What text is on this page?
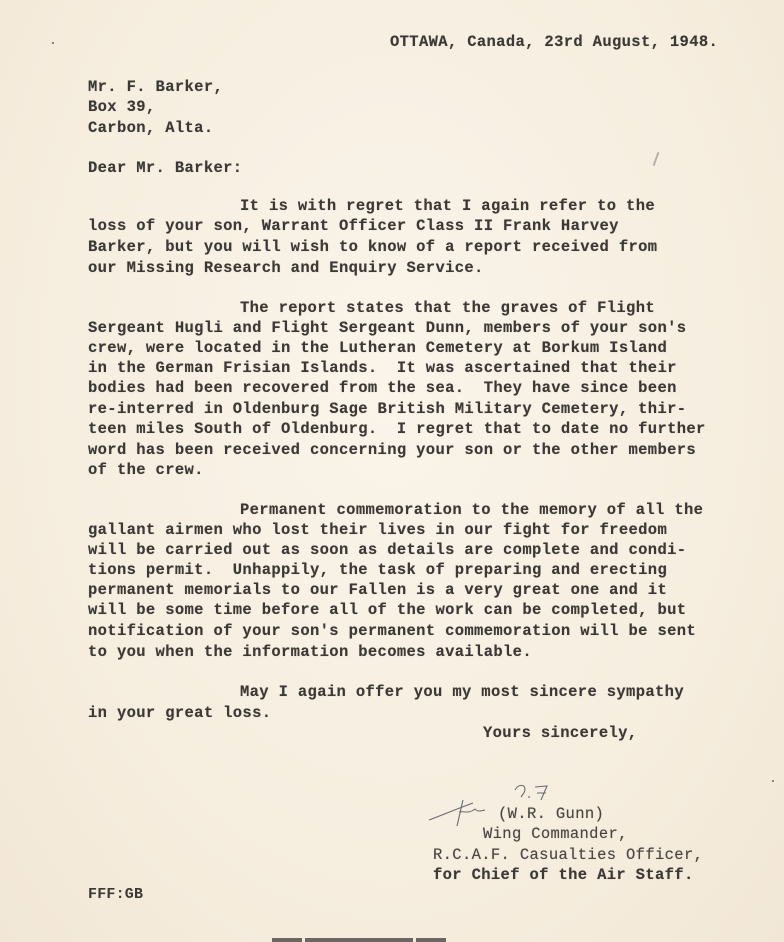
OTTAWA, Canada, 23rd August, 1948.
Mr. F. Barker,
Box 39,
Carbon, Alta.
Dear Mr. Barker:
It is with regret that I again refer to the
loss of your son, Warrant Officer Class II Frank Harvey
Barker, but you will wish to know of a report received from
our Missing Research and Enquiry Service.
The report states that the graves of Flight
Sergeant Hugli and Flight Sergeant Dunn, members of your son's
crew, were located in the Lutheran Cemetery at Borkum Island
in the German Frisian Islands.  It was ascertained that their
bodies had been recovered from the sea.  They have since been
re-interred in Oldenburg Sage British Military Cemetery, thir-
teen miles South of Oldenburg.  I regret that to date no further
word has been received concerning your son or the other members
of the crew.
Permanent commemoration to the memory of all the
gallant airmen who lost their lives in our fight for freedom
will be carried out as soon as details are complete and condi-
tions permit.  Unhappily, the task of preparing and erecting
permanent memorials to our Fallen is a very great one and it
will be some time before all of the work can be completed, but
notification of your son's permanent commemoration will be sent
to you when the information becomes available.
May I again offer you my most sincere sympathy
in your great loss.
Yours sincerely,
(W.R. Gunn)
Wing Commander,
R.C.A.F. Casualties Officer,
for Chief of the Air Staff.
FFF:GB
